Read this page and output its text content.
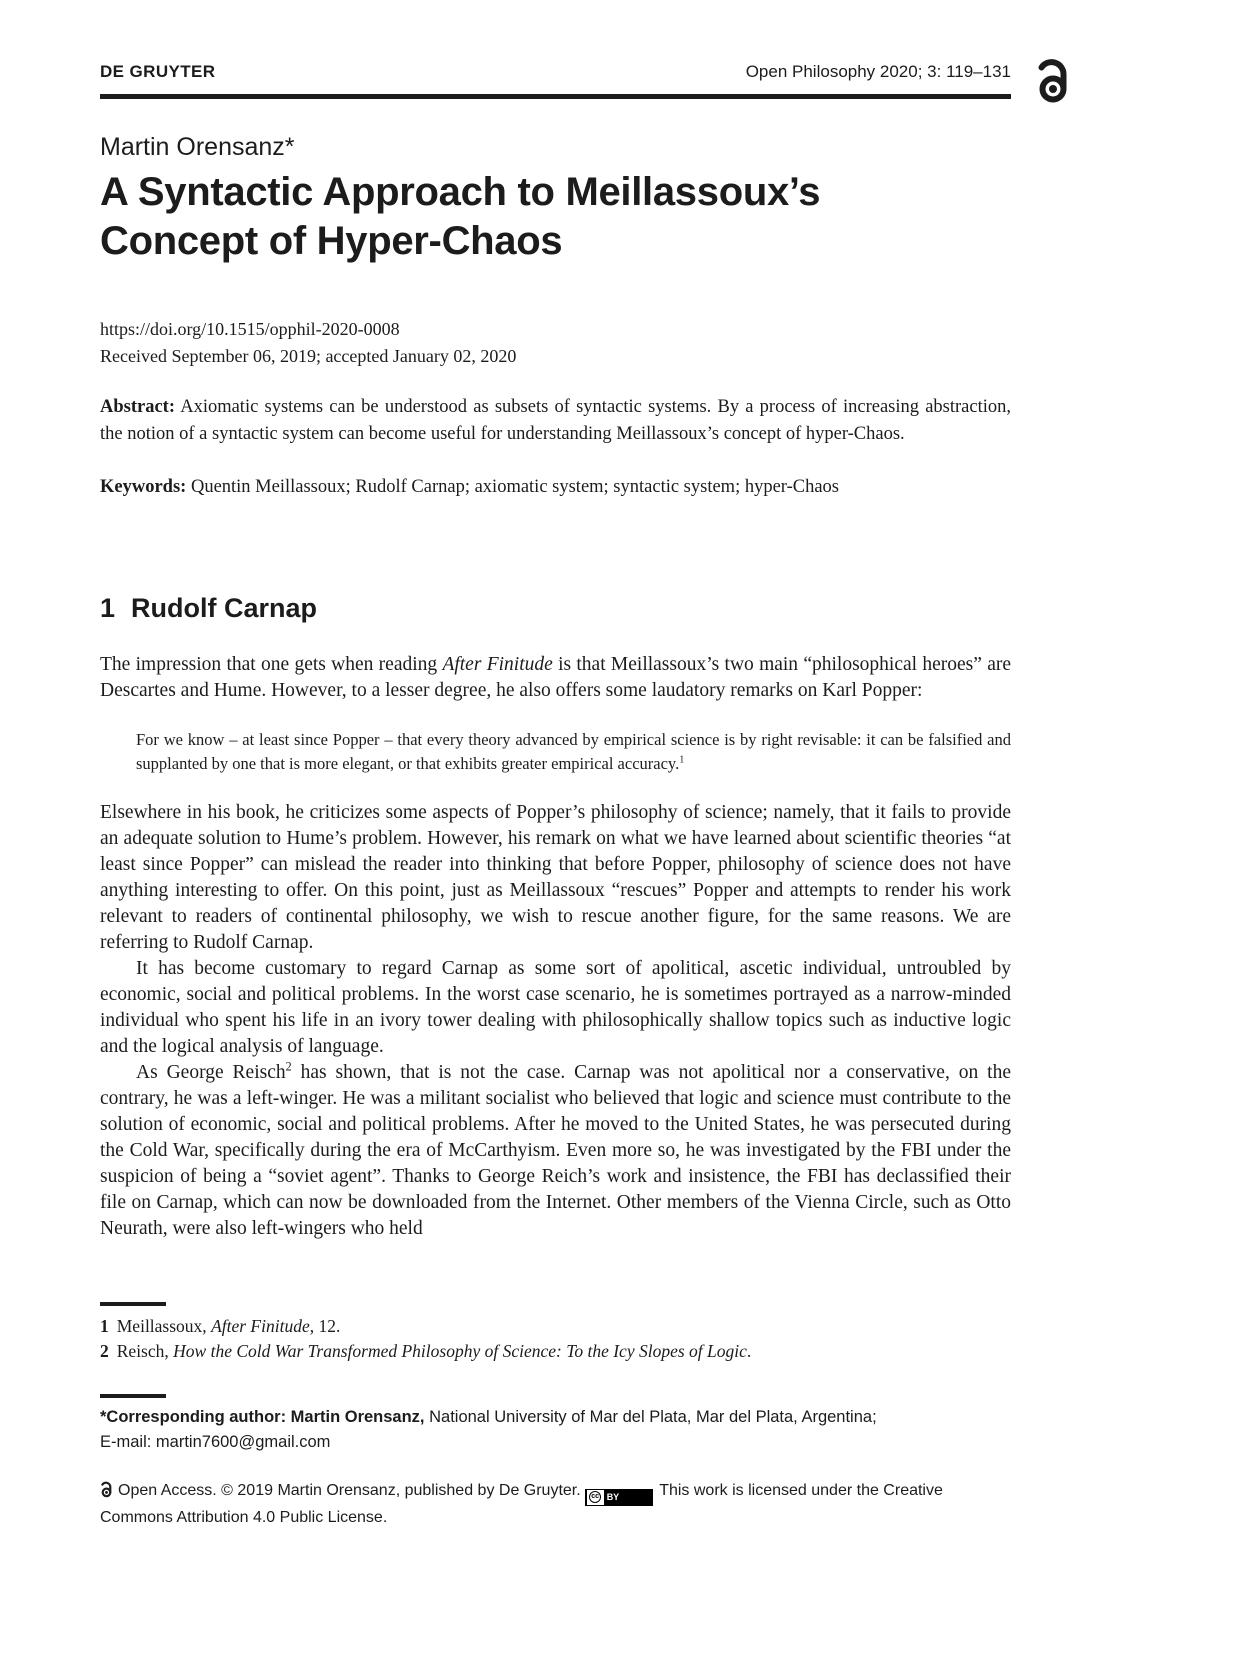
DE GRUYTER	Open Philosophy 2020; 3: 119–131
Martin Orensanz*
A Syntactic Approach to Meillassoux’s
Concept of Hyper-Chaos
https://doi.org/10.1515/opphil-2020-0008
Received September 06, 2019; accepted January 02, 2020
Abstract: Axiomatic systems can be understood as subsets of syntactic systems. By a process of increasing abstraction, the notion of a syntactic system can become useful for understanding Meillassoux’s concept of hyper-Chaos.
Keywords: Quentin Meillassoux; Rudolf Carnap; axiomatic system; syntactic system; hyper-Chaos
1 Rudolf Carnap

The impression that one gets when reading After Finitude is that Meillassoux’s two main “philosophical heroes” are Descartes and Hume. However, to a lesser degree, he also offers some laudatory remarks on Karl Popper:

For we know – at least since Popper – that every theory advanced by empirical science is by right revisable: it can be falsified and supplanted by one that is more elegant, or that exhibits greater empirical accuracy.$^1$

Elsewhere in his book, he criticizes some aspects of Popper’s philosophy of science; namely, that it fails to provide an adequate solution to Hume’s problem. However, his remark on what we have learned about scientific theories “at least since Popper” can mislead the reader into thinking that before Popper, philosophy of science does not have anything interesting to offer. On this point, just as Meillassoux “rescues” Popper and attempts to render his work relevant to readers of continental philosophy, we wish to rescue another figure, for the same reasons. We are referring to Rudolf Carnap.

It has become customary to regard Carnap as some sort of apolitical, ascetic individual, untroubled by economic, social and political problems. In the worst case scenario, he is sometimes portrayed as a narrow-minded individual who spent his life in an ivory tower dealing with philosophically shallow topics such as inductive logic and the logical analysis of language.

As George Reisch$^2$ has shown, that is not the case. Carnap was not apolitical nor a conservative, on the contrary, he was a left-winger. He was a militant socialist who believed that logic and science must contribute to the solution of economic, social and political problems. After he moved to the United States, he was persecuted during the Cold War, specifically during the era of McCarthyism. Even more so, he was investigated by the FBI under the suspicion of being a “soviet agent”. Thanks to George Reich’s work and insistence, the FBI has declassified their file on Carnap, which can now be downloaded from the Internet. Other members of the Vienna Circle, such as Otto Neurath, were also left-wingers who held

1 Meillassoux, After Finitude, 12.
2 Reisch, How the Cold War Transformed Philosophy of Science: To the Icy Slopes of Logic.
*Corresponding author: Martin Orensanz, National University of Mar del Plata, Mar del Plata, Argentina;
E-mail: martin7600@gmail.com
Open Access. © 2019 Martin Orensanz, published by De Gruyter. cc BY	This work is licensed under the Creative Commons Attribution 4.0 Public License.
